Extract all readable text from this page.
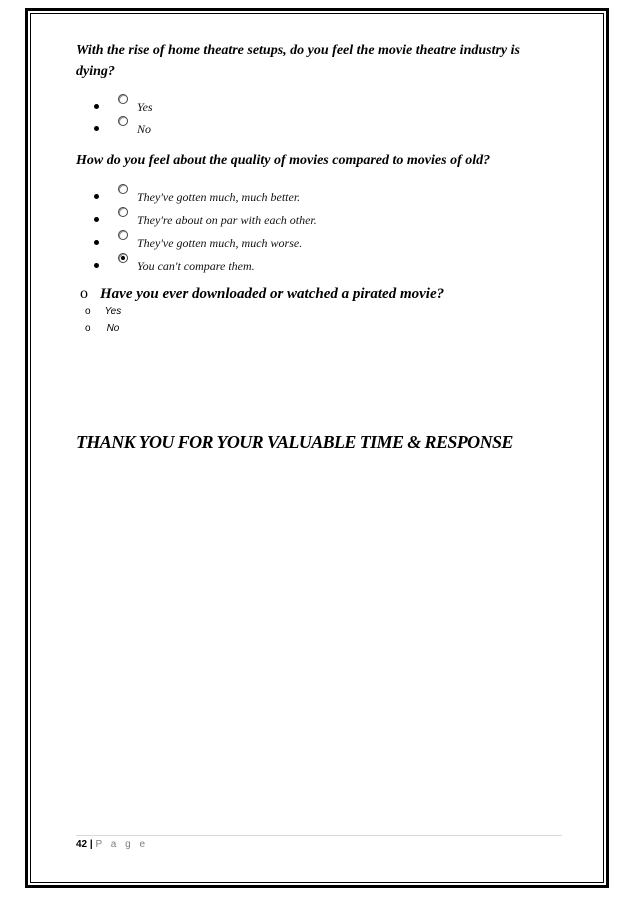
With the rise of home theatre setups, do you feel the movie theatre industry is dying?
Yes
No
How do you feel about the quality of movies compared to movies of old?
They've gotten much, much better.
They're about on par with each other.
They've gotten much, much worse.
You can't compare them.
o Have you ever downloaded or watched a pirated movie?
o Yes
o No
THANK YOU FOR YOUR VALUABLE TIME & RESPONSE
42 | P a g e
